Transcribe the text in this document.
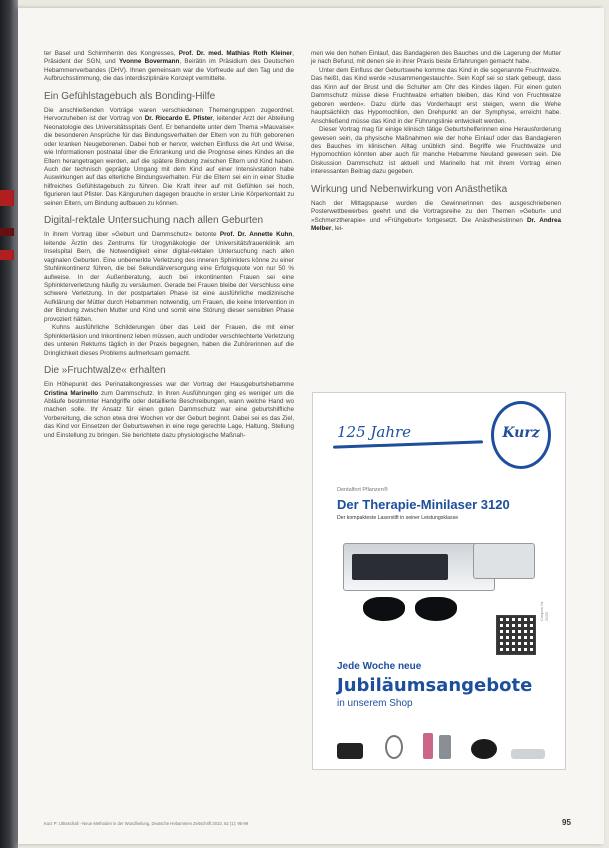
ter Basel und Schirmherrin des Kongresses, Prof. Dr. med. Mathias Roth Kleiner, Präsident der SGN, und Yvonne Bovermann, Beirätin im Präsidium des Deutschen Hebammenverbandes (DHV). Ihnen gemeinsam war die Vorfreude auf den Tag und die Aufbruchsstimmung, die das interdisziplinäre Konzept vermittelte.

Ein Gefühlstagebuch als Bonding-Hilfe

Die anschließenden Vorträge waren verschiedenen Themengruppen zugeordnet. Hervorzuheben ist der Vortrag von Dr. Riccardo E. Pfister, leitender Arzt der Abteilung Neonatologie des Universitätsspitals Genf. Er behandelte unter dem Thema »Mauvaise« die besonderen Ansprüche für das Bindungsverhalten der Eltern von zu früh geborenen oder kranken Neugeborenen. Dabei hob er hervor, welchen Einfluss die Art und Weise, wie Informationen postnatal über die Erkrankung und die Prognose eines Kindes an die Eltern herangetragen werden, auf die spätere Bindung zwischen Eltern und Kind haben. Auch der technisch geprägte Umgang mit dem Kind auf einer Intensivstation habe Auswirkungen auf das elterliche Bindungsverhalten. Für die Eltern sei ein in einer Studie hilfreiches Gefühlstagebuch zu führen. Die Kraft ihrer auf mit Gefühlen sei hoch, figurieren laut Pfister. Das Känguruhen dagegen brauche in erster Linie Körperkontakt zu seinen Eltern, um Bindung aufbauen zu können.

Digital-rektale Untersuchung nach allen Geburten

In ihrem Vortrag über »Geburt und Dammschutz« betonte Prof. Dr. Annette Kuhn, leitende Ärztin des Zentrums für Urogynäkologie der Universitätsfrauenklinik am Inselspital Bern, die Notwendigkeit einer digital-rektalen Untersuchung nach allen vaginalen Geburten. Eine unbemerkte Verletzung des inneren Sphinkters könne zu einer Stuhlinkontinenz führen, die bei Sekundärversorgung eine Erfolgsquote von nur 50 % aufweise. In der Außenberatung, auch bei inkontinenten Frauen sei eine Sphinkterverletzung häufig zu versäumen. Gerade bei Frauen bleibe der Verschluss eine schwere Verletzung. In der postpartalen Phase ist eine ausführliche medizinische Aufklärung der Mütter durch Hebammen notwendig, um Frauen, die keine Intervention in der Bindung zwischen Mutter und Kind und somit eine Störung dieser sensiblen Phase provoziert hätten.

Kuhns ausführliche Schilderungen über das Leid der Frauen, die mit einer Sphinkterläsion und Inkontinenz leben müssen, auch und/oder verschlechterte Verletzung des unteren Rektums täglich in der Praxis begegnen, haben die Zuhörerinnen auf die Dringlichkeit dieses Problems aufmerksam gemacht.

Die »Fruchtwalze« erhalten

Ein Höhepunkt des Perinatalkongresses war der Vortrag der Hausgeburtshebamme Cristina Marinello zum Dammschutz. In ihren Ausführungen ging es weniger um die Abläufe bestimmter Handgriffe oder detaillierte Beschreibungen, wann welche Hand wo machen solle. Ihr Ansatz für einen guten Dammschutz war eine geburtshilfliche Vorbereitung, die schon etwa drei Wochen vor der Geburt beginnt. Dabei sei es das Ziel, das Kind vor Einsetzen der Geburtswehen in eine rege gerechte Lage, Haltung, Stellung und Einstellung zu bringen. Sie berichtete dazu physiologische Maßnah-

men wie den hohen Einlauf, das Bandagieren des Bauches und die Lagerung der Mutter je nach Befund, mit denen sie in ihrer Praxis beste Erfahrungen gemacht habe.

Unter dem Einfluss der Geburtswehe komme das Kind in die sogenannte Fruchtwalze. Das heißt, das Kind werde »zusammengestaucht«. Sein Kopf sei so stark gebeugt, dass das Kinn auf der Brust und die Schulter am Ohr des Kindes lägen. Für einen guten Dammschutz müsse diese Fruchtwalze erhalten bleiben, das Kind von Fruchtwalze geboren werden«. Dazu dürfe das Vorderhaupt erst steigen, wenn die Wehe hauptsächlich das Hypomochlion, den Drehpunkt an der Symphyse, erreicht habe. Anschließend müsse das Kind in der Führungslinie entwickelt werden.

Dieser Vortrag mag für einige klinisch tätige Geburtshelferinnen eine Herausforderung gewesen sein, da physische Maßnahmen wie der hohe Einlauf oder das Bandagieren des Bauches im klinischen Alltag unüblich sind. Begriffe wie Fruchtwalze und Hypomochlion könnten aber auch für manche Hebamme Neuland gewesen sein. Die Diskussion Dammschutz ist aktuell und Marinello hat mit ihrem Vortrag einen interessanten Beitrag dazu gegeben.

Wirkung und Nebenwirkung von Anästhetika

Nach der Mittagspause wurden die Gewinnerinnen des ausgeschriebenen Posterwettbewerbes geehrt und die Vortragsreihe zu den Themen »Geburt« und »Schmerztherapie« und »Frühgeburt« fortgesetzt. Die Anästhesistinnen Dr. Andrea Melber, lei-

125 Jahre	Kurz
Dentalfort Pflanzen®
Der Therapie-Minilaser 3120
Der kompakteste Laserstift in seiner Leistungsklasse
Coupon Nr. 2025
Jede Woche neue
Jubiläumsangebote
in unserem Shop
Kurz P: Ultraschall - Neue Methoden in der Wundheilung, Deutsche Hebammen Zeitschrift 2010, 62 (1): 95-99	95
